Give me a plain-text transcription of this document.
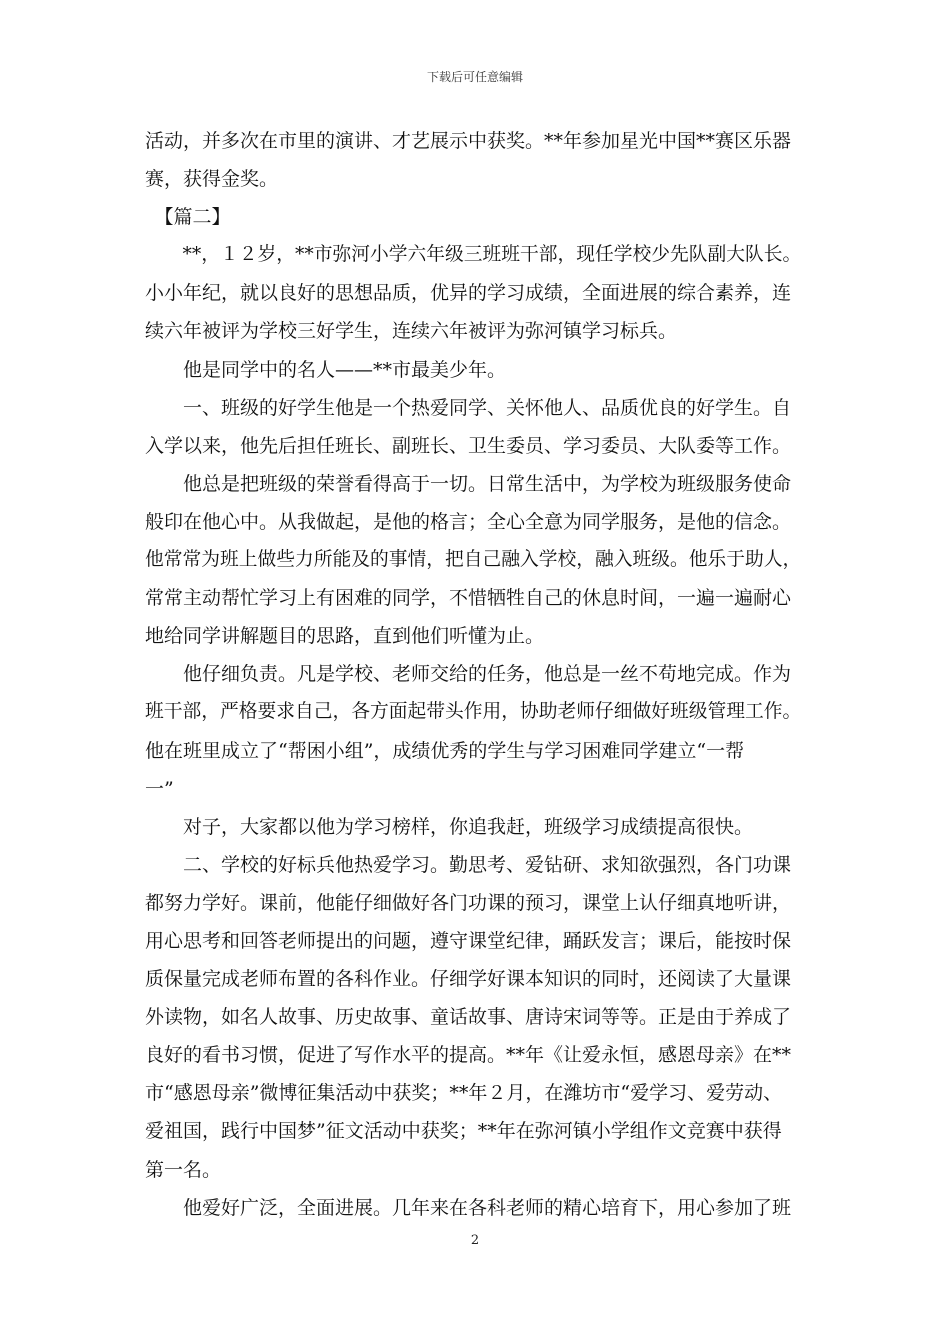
下载后可任意编辑
活动，并多次在市里的演讲、才艺展示中获奖。**年参加星光中国**赛区乐器
赛，获得金奖。
　【篇二】
　　**，１２岁，**市弥河小学六年级三班班干部，现任学校少先队副大队长。
小小年纪，就以良好的思想品质，优异的学习成绩，全面进展的综合素养，连
续六年被评为学校三好学生，连续六年被评为弥河镇学习标兵。
　　他是同学中的名人——**市最美少年。
　　一、班级的好学生他是一个热爱同学、关怀他人、品质优良的好学生。自
入学以来，他先后担任班长、副班长、卫生委员、学习委员、大队委等工作。
　　他总是把班级的荣誉看得高于一切。日常生活中，为学校为班级服务使命
般印在他心中。从我做起，是他的格言；全心全意为同学服务，是他的信念。
他常常为班上做些力所能及的事情，把自己融入学校，融入班级。他乐于助人，
常常主动帮忙学习上有困难的同学，不惜牺牲自己的休息时间，一遍一遍耐心
地给同学讲解题目的思路，直到他们听懂为止。
　　他仔细负责。凡是学校、老师交给的任务，他总是一丝不苟地完成。作为
班干部，严格要求自己，各方面起带头作用，协助老师仔细做好班级管理工作。
他在班里成立了“帮困小组”，成绩优秀的学生与学习困难同学建立“一帮
一”
　　对子，大家都以他为学习榜样，你追我赶，班级学习成绩提高很快。
　　二、学校的好标兵他热爱学习。勤思考、爱钻研、求知欲强烈，各门功课
都努力学好。课前，他能仔细做好各门功课的预习，课堂上认仔细真地听讲，
用心思考和回答老师提出的问题，遵守课堂纪律，踊跃发言；课后，能按时保
质保量完成老师布置的各科作业。仔细学好课本知识的同时，还阅读了大量课
外读物，如名人故事、历史故事、童话故事、唐诗宋词等等。正是由于养成了
良好的看书习惯，促进了写作水平的提高。**年《让爱永恒，感恩母亲》在**
市“感恩母亲”微博征集活动中获奖；**年２月，在潍坊市“爱学习、爱劳动、
爱祖国，践行中国梦”征文活动中获奖；**年在弥河镇小学组作文竞赛中获得
第一名。
　　他爱好广泛，全面进展。几年来在各科老师的精心培育下，用心参加了班
2
